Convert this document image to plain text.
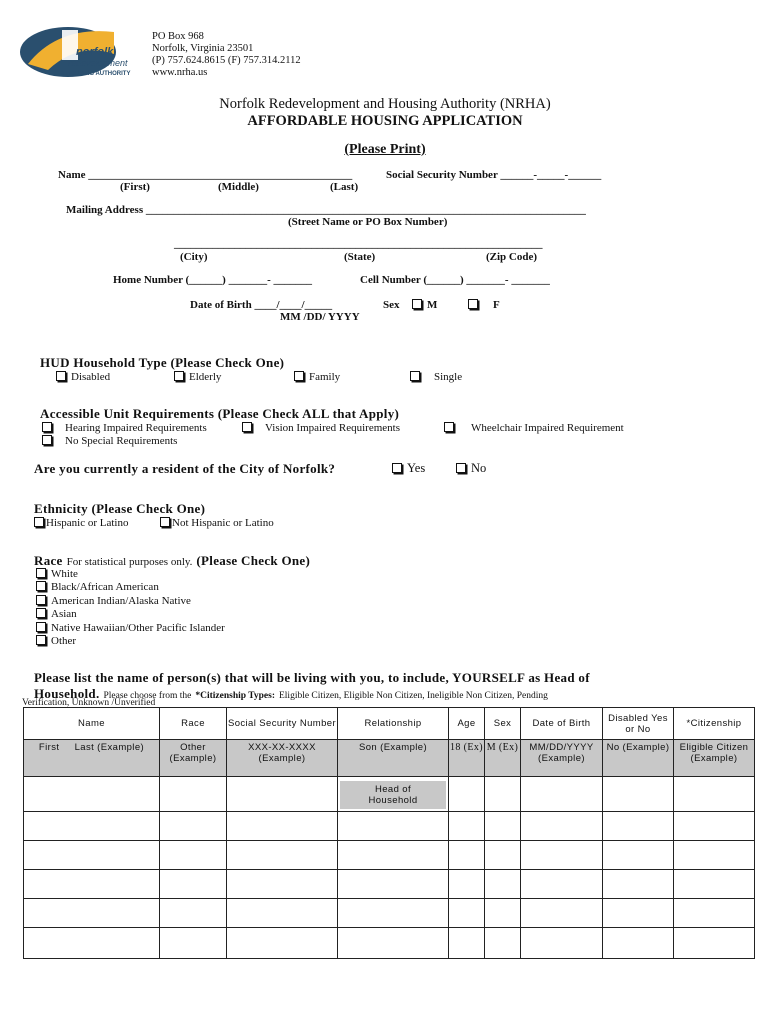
norfolk
redevelopment
& HOUSING AUTHORITY
PO Box 968
Norfolk, Virginia 23501
(P) 757.624.8615 (F) 757.314.2112
www.nrha.us
Norfolk Redevelopment and Housing Authority (NRHA)
AFFORDABLE HOUSING APPLICATION
(Please Print)
Name ________________________________________________	Social Security Number ______-_____-______
(First)	(Middle)	(Last)
Mailing Address ________________________________________________________________________________
(Street Name or PO Box Number)
___________________________________________________________________
(City)	(State)	(Zip Code)
Home Number (______) _______- _______	Cell Number (______) _______- _______
Date of Birth ____/____/_____
MM /DD/ YYYY
Sex	M	F
HUD Household Type (Please Check One)
Disabled	Elderly	Family	Single
Accessible Unit Requirements (Please Check ALL that Apply)
Hearing Impaired Requirements	Vision Impaired Requirements	Wheelchair Impaired Requirement
No Special Requirements
Are you currently a resident of the City of Norfolk?	Yes	No
Ethnicity (Please Check One)
Hispanic or Latino	Not Hispanic or Latino
Race For statistical purposes only. (Please Check One)
White
Black/African American
American Indian/Alaska Native
Asian
Native Hawaiian/Other Pacific Islander
Other
Please list the name of person(s) that will be living with you, to include, YOURSELF as Head of
Household. Please choose from the *Citizenship Types: Eligible Citizen, Eligible Non Citizen, Ineligible Non Citizen, Pending
Verification, Unknown /Unverified
Name	Race	Social Security Number	Relationship	Age	Sex	Date of Birth	Disabled Yes or No	*Citizenship
First     Last (Example)	Other (Example)	XXX-XX-XXXX (Example)	Son (Example)	18 (Ex)	M (Ex)	MM/DD/YYYY (Example)	No (Example)	Eligible Citizen (Example)

			Head of Household					
